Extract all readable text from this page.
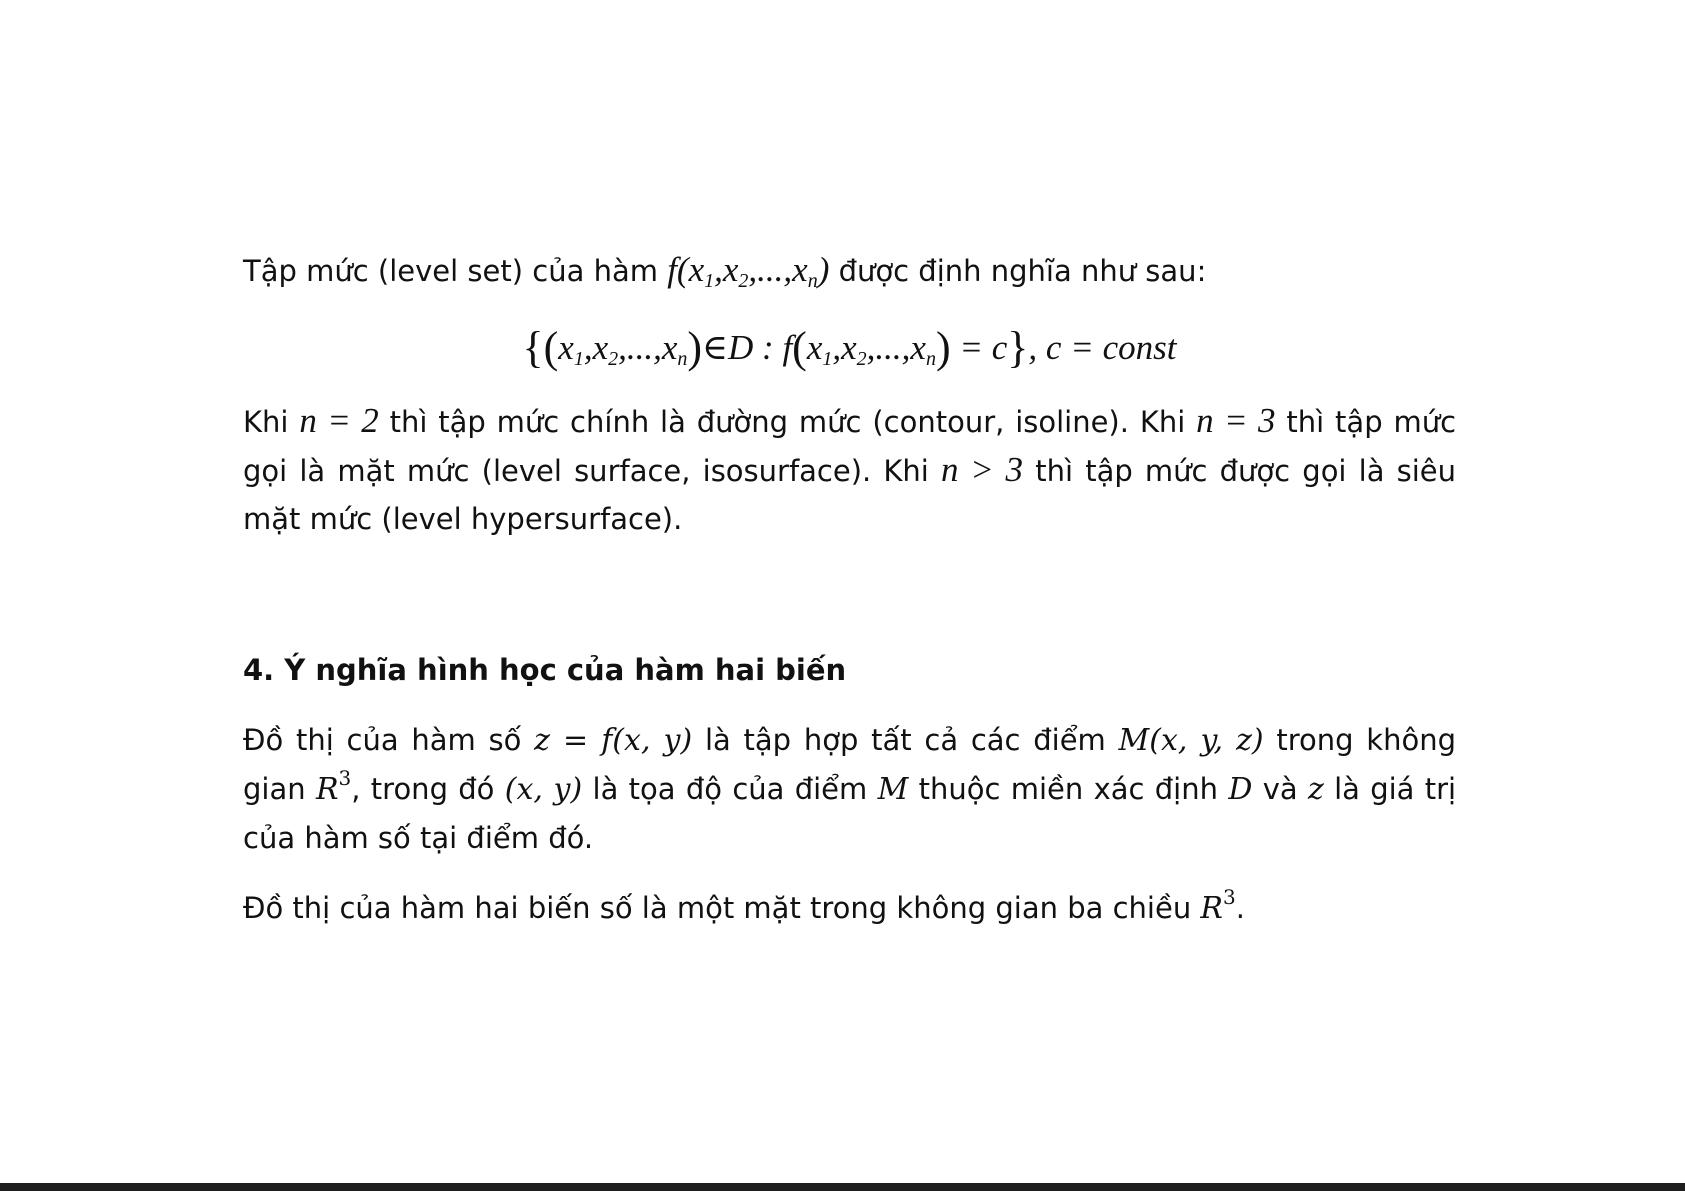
Tập mức (level set) của hàm $f(x_1,x_2,...,x_n)$ được định nghĩa như sau:

{$(x_1,x_2,...,x_n)\in D$ : $f(x_1,x_2,...,x_n) = c$}, c = const

Khi n = 2 thì tập mức chính là đường mức (contour, isoline). Khi n = 3 thì tập mức gọi là mặt mức (level surface, isosurface). Khi n > 3 thì tập mức được gọi là siêu mặt mức (level hypersurface).

4. Ý nghĩa hình học của hàm hai biến

Đồ thị của hàm số z = f(x, y) là tập hợp tất cả các điểm M(x, y, z) trong không gian $R^3$, trong đó (x, y) là tọa độ của điểm M thuộc miền xác định D và z là giá trị của hàm số tại điểm đó.

Đồ thị của hàm hai biến số là một mặt trong không gian ba chiều $R^3$.
